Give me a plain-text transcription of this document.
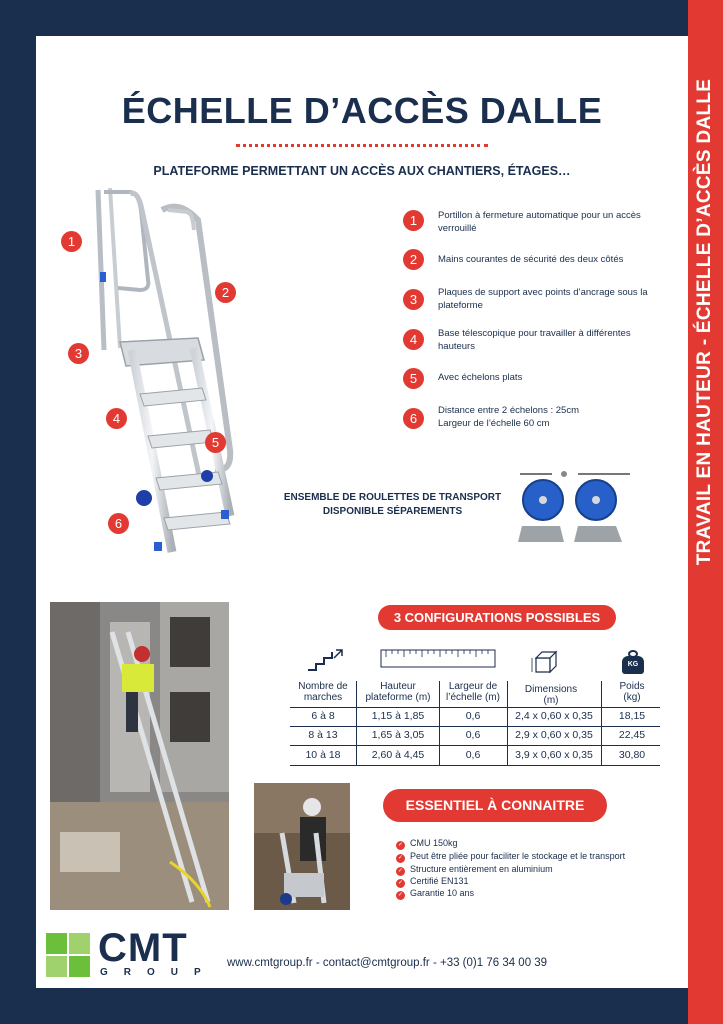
TRAVAIL EN HAUTEUR - ÉCHELLE D’ACCÈS DALLE
ÉCHELLE D’ACCÈS DALLE
PLATEFORME PERMETTANT UN ACCÈS AUX CHANTIERS, ÉTAGES…
1
2
3
4
5
6
1	Portillon à fermeture automatique pour un accès
verrouillé
2	Mains courantes de sécurité des deux côtés
3	Plaques de support avec points d’ancrage sous la
plateforme
4	Base télescopique pour travailler à différentes
hauteurs
5	Avec échelons plats
6
Distance entre 2 échelons : 25cm
Largeur de l’échelle 60 cm
ENSEMBLE DE ROULETTES DE TRANSPORT
DISPONIBLE SÉPAREMENTS
3 CONFIGURATIONS POSSIBLES
KG
Nombre de
marches
Hauteur
plateforme (m)
Largeur de
l’échelle (m)
Dimensions
(m)
Poids
(kg)
6 à 8	1,15 à 1,85	0,6	2,4 x 0,60 x 0,35	18,15
8 à 13	1,65 à 3,05	0,6	2,9 x 0,60 x 0,35	22,45
10 à 18	2,60 à 4,45	0,6	3,9 x 0,60 x 0,35	30,80
ESSENTIEL À CONNAITRE
✓ CMU 150kg
✓ Peut être pliée pour faciliter le stockage et le transport
✓ Structure entièrement en aluminium
✓ Certifié EN131
✓ Garantie 10 ans
CMT
GROUP
www.cmtgroup.fr - contact@cmtgroup.fr - +33 (0)1 76 34 00 39
